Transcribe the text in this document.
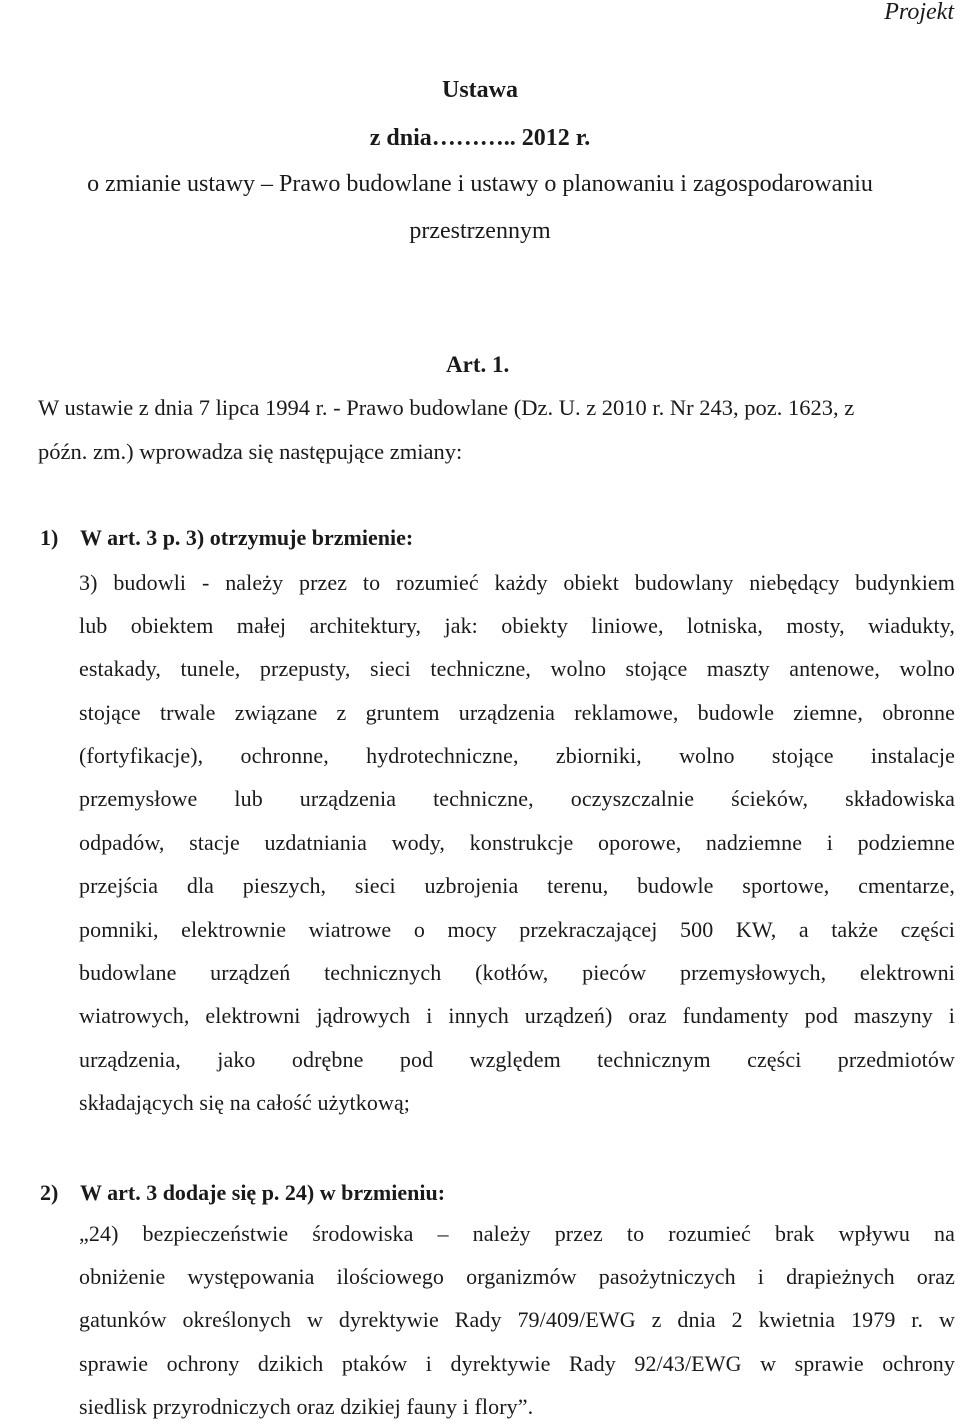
Projekt
Ustawa
z dnia……….. 2012 r.
o zmianie ustawy – Prawo budowlane i ustawy o planowaniu i zagospodarowaniu
przestrzennym
Art. 1.
W ustawie z dnia 7 lipca 1994 r. - Prawo budowlane (Dz. U. z 2010 r. Nr 243, poz. 1623, z
późn. zm.) wprowadza się następujące zmiany:
1) W art. 3 p. 3) otrzymuje brzmienie:
3) budowli - należy przez to rozumieć każdy obiekt budowlany niebędący budynkiem
lub obiektem małej architektury, jak: obiekty liniowe, lotniska, mosty, wiadukty,
estakady, tunele, przepusty, sieci techniczne, wolno stojące maszty antenowe, wolno
stojące trwale związane z gruntem urządzenia reklamowe, budowle ziemne, obronne
(fortyfikacje), ochronne, hydrotechniczne, zbiorniki, wolno stojące instalacje
przemysłowe lub urządzenia techniczne, oczyszczalnie ścieków, składowiska
odpadów, stacje uzdatniania wody, konstrukcje oporowe, nadziemne i podziemne
przejścia dla pieszych, sieci uzbrojenia terenu, budowle sportowe, cmentarze,
pomniki, elektrownie wiatrowe o mocy przekraczającej 500 KW, a także części
budowlane urządzeń technicznych (kotłów, pieców przemysłowych, elektrowni
wiatrowych, elektrowni jądrowych i innych urządzeń) oraz fundamenty pod maszyny i
urządzenia, jako odrębne pod względem technicznym części przedmiotów
składających się na całość użytkową;
2) W art. 3 dodaje się p. 24) w brzmieniu:
„24) bezpieczeństwie środowiska – należy przez to rozumieć brak wpływu na
obniżenie występowania ilościowego organizmów pasożytniczych i drapieżnych oraz
gatunków określonych w dyrektywie Rady 79/409/EWG z dnia 2 kwietnia 1979 r. w
sprawie ochrony dzikich ptaków i dyrektywie Rady 92/43/EWG w sprawie ochrony
siedlisk przyrodniczych oraz dzikiej fauny i flory”.
